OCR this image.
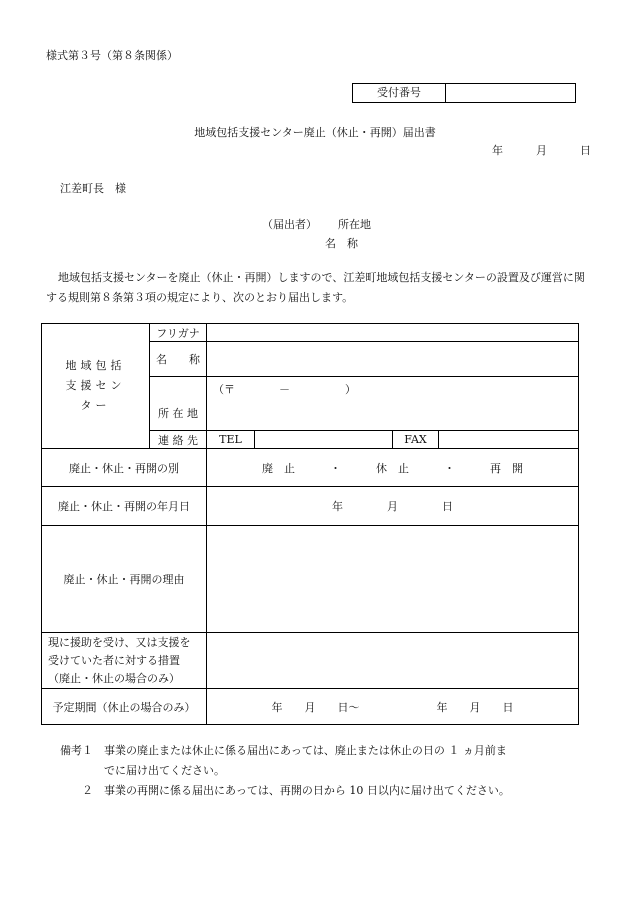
様式第３号（第８条関係）
受付番号
地域包括支援センター廃止（休止・再開）届出書
年	月	日
江差町長　様
（届出者） 所在地
名　称
地域包括支援センターを廃止（休止・再開）しますので、江差町地域包括支援センターの設置及び運営に関する規則第８条第３項の規定により、次のとおり届出します。
地域包括支援センター	フリガナ				
	名　　称				
	所 在 地	（〒　　　　－　　　　　）			
	連 絡 先	TEL		FAX	
廃止・休止・再開の別		廃　止 ・ 休　止 ・ 再　開			
廃止・休止・再開の年月日		年　　　　月　　　　日			
廃止・休止・再開の理由					

現に援助を受け、又は支援を
受けていた者に対する措置
（廃止・休止の場合のみ）					

予定期間（休止の場合のみ）		年　　月　　日～　　　　　　　年　　月　　日			
備考１　事業の廃止または休止に係る届出にあっては、廃止または休止の日の １ ヵ月前ま
　　　　でに届け出てください。
　　２　事業の再開に係る届出にあっては、再開の日から 10 日以内に届け出てください。
